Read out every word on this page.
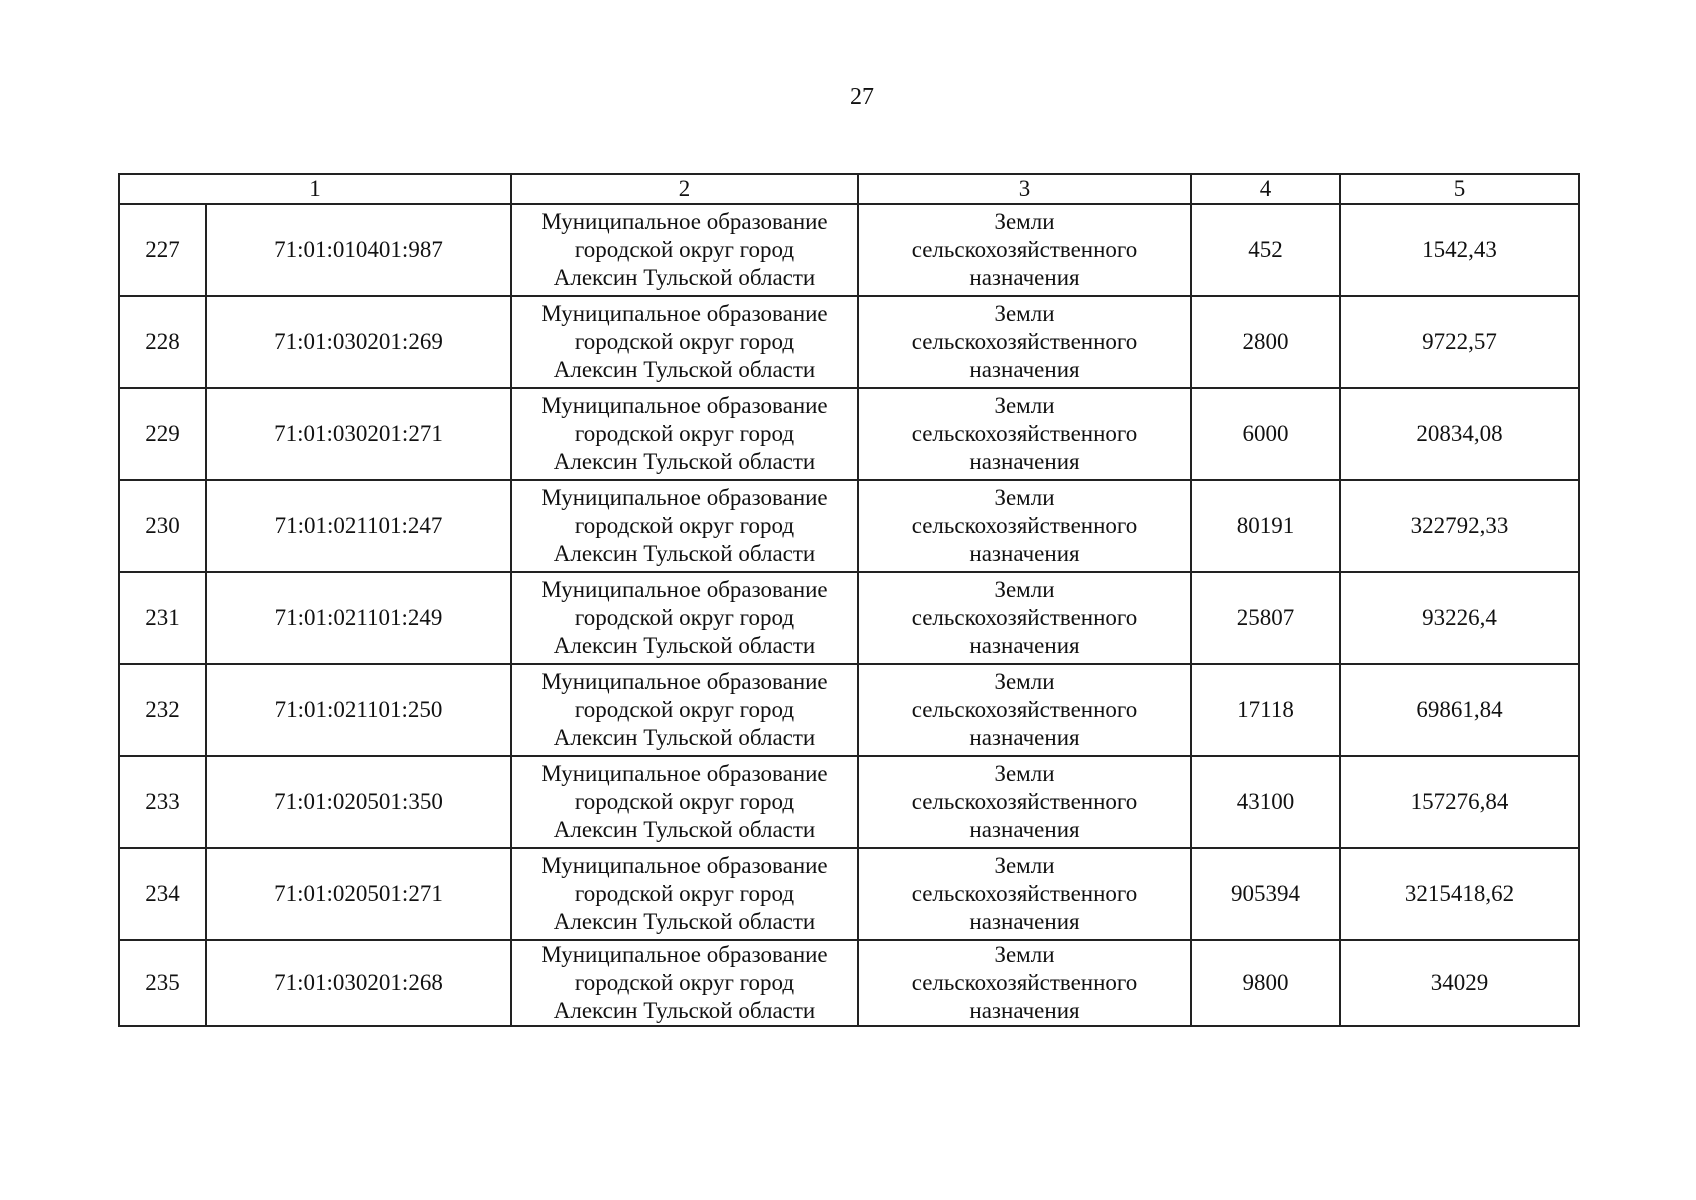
27
1		2	3	4	5

227	71:01:010401:987	Муниципальное образование
городской округ город
Алексин Тульской области	Земли
сельскохозяйственного
назначения	452	1542,43

228	71:01:030201:269	Муниципальное образование
городской округ город
Алексин Тульской области	Земли
сельскохозяйственного
назначения	2800	9722,57

229	71:01:030201:271	Муниципальное образование
городской округ город
Алексин Тульской области	Земли
сельскохозяйственного
назначения	6000	20834,08

230	71:01:021101:247	Муниципальное образование
городской округ город
Алексин Тульской области	Земли
сельскохозяйственного
назначения	80191	322792,33

231	71:01:021101:249	Муниципальное образование
городской округ город
Алексин Тульской области	Земли
сельскохозяйственного
назначения	25807	93226,4

232	71:01:021101:250	Муниципальное образование
городской округ город
Алексин Тульской области	Земли
сельскохозяйственного
назначения	17118	69861,84

233	71:01:020501:350	Муниципальное образование
городской округ город
Алексин Тульской области	Земли
сельскохозяйственного
назначения	43100	157276,84

234	71:01:020501:271	Муниципальное образование
городской округ город
Алексин Тульской области	Земли
сельскохозяйственного
назначения	905394	3215418,62

235	71:01:030201:268	Муниципальное образование
городской округ город
Алексин Тульской области	Земли
сельскохозяйственного
назначения	9800	34029
